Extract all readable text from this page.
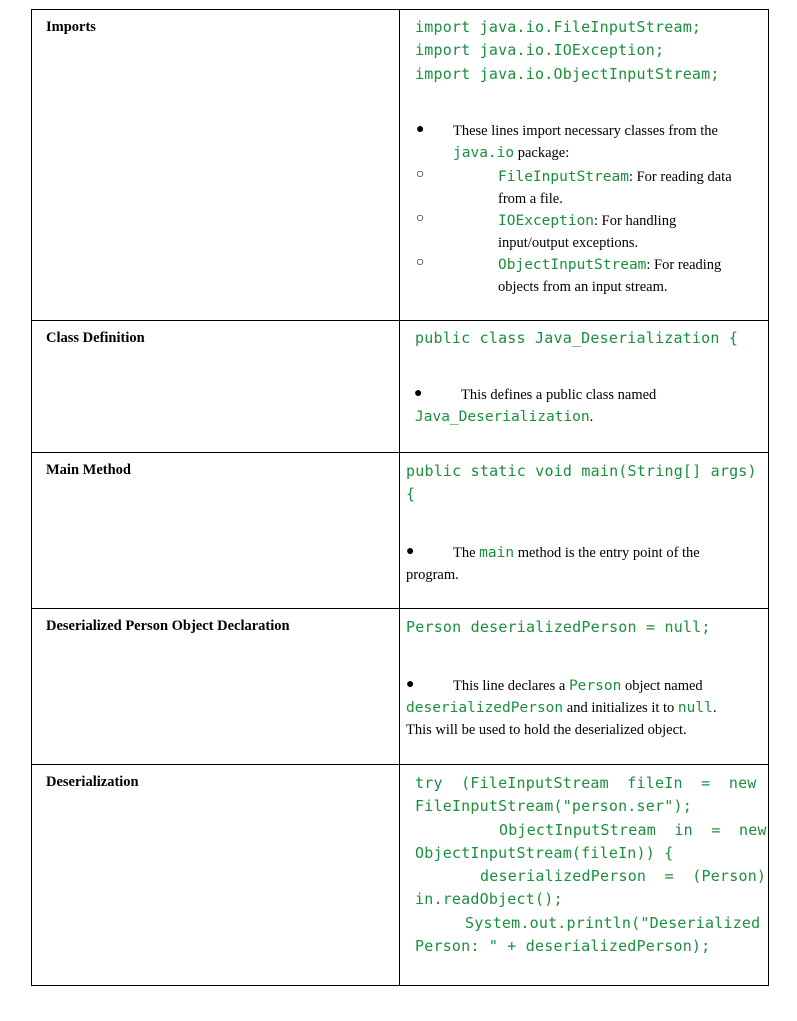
Imports	import java.io.FileInputStream;
import java.io.IOException;
import java.io.ObjectInputStream;
● These lines import necessary classes from the
java.io package:
○	FileInputStream: For reading data
from a file.
○	IOException: For handling
input/output exceptions.
○	ObjectInputStream: For reading
objects from an input stream.
Class Definition	public class Java_Deserialization {
●	This defines a public class named
Java_Deserialization.
Main Method	public static void main(String[] args)
{
●	The main method is the entry point of the
program.
Deserialized Person Object Declaration	Person deserializedPerson = null;
●	This line declares a Person object named
deserializedPerson and initializes it to null.
This will be used to hold the deserialized object.
Deserialization	try  (FileInputStream  fileIn  =  new
FileInputStream("person.ser");
ObjectInputStream  in  =  new
ObjectInputStream(fileIn)) {
deserializedPerson  =  (Person)
in.readObject();
System.out.println("Deserialized
Person: " + deserializedPerson);
